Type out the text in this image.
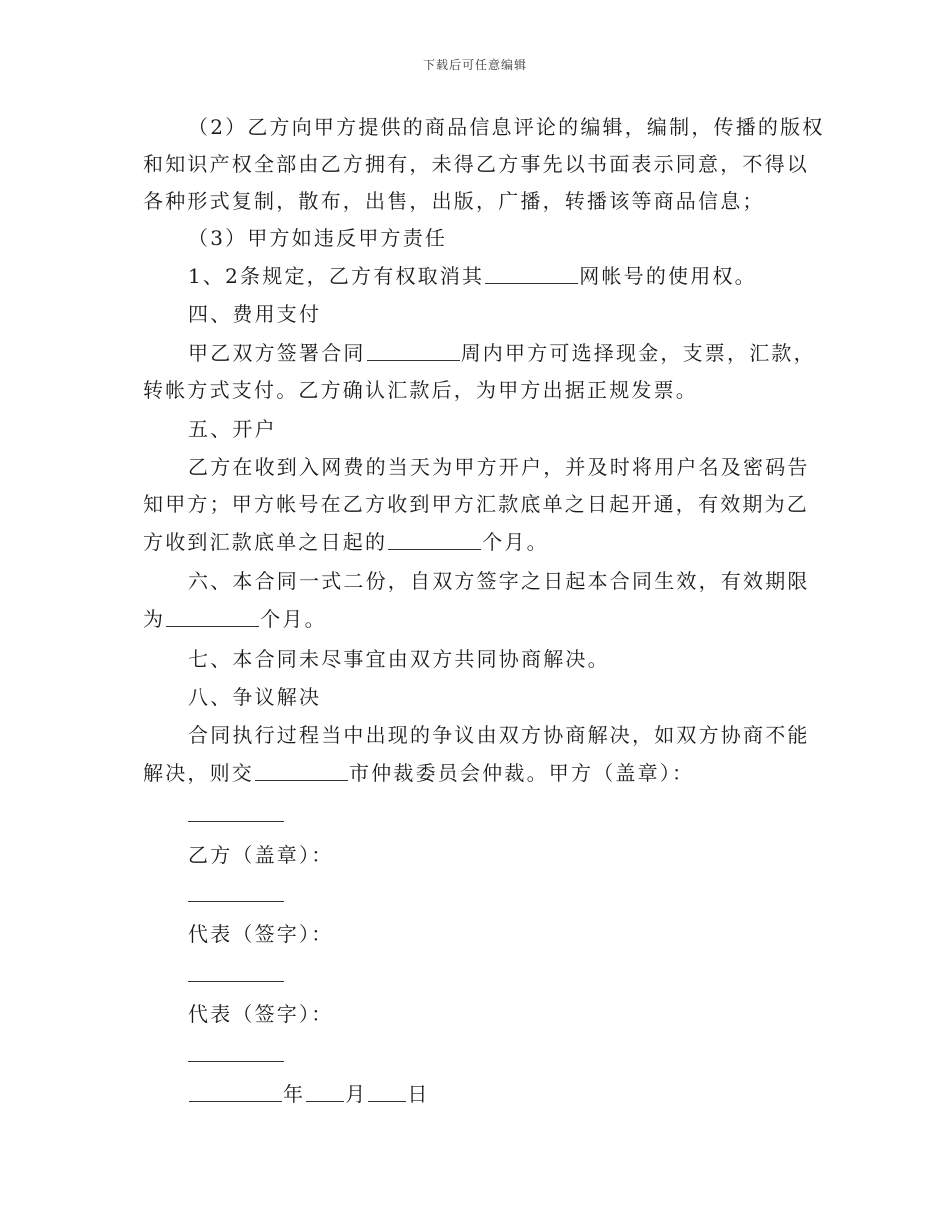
下载后可任意编辑
（2）乙方向甲方提供的商品信息评论的编辑，编制，传播的版权
和知识产权全部由乙方拥有，未得乙方事先以书面表示同意，不得以
各种形式复制，散布，出售，出版，广播，转播该等商品信息；
（3）甲方如违反甲方责任
1、2条规定，乙方有权取消其	网帐号的使用权。
四、费用支付
甲乙双方签署合同	周内甲方可选择现金，支票，汇款，
转帐方式支付。乙方确认汇款后，为甲方出据正规发票。
五、开户
乙方在收到入网费的当天为甲方开户，并及时将用户名及密码告
知甲方；甲方帐号在乙方收到甲方汇款底单之日起开通，有效期为乙
方收到汇款底单之日起的	个月。
六、本合同一式二份，自双方签字之日起本合同生效，有效期限
为	个月。
七、本合同未尽事宜由双方共同协商解决。
八、争议解决
合同执行过程当中出现的争议由双方协商解决，如双方协商不能
解决，则交	市仲裁委员会仲裁。甲方（盖章）：
乙方（盖章）：
代表（签字）：
代表（签字）：
年 月 日
